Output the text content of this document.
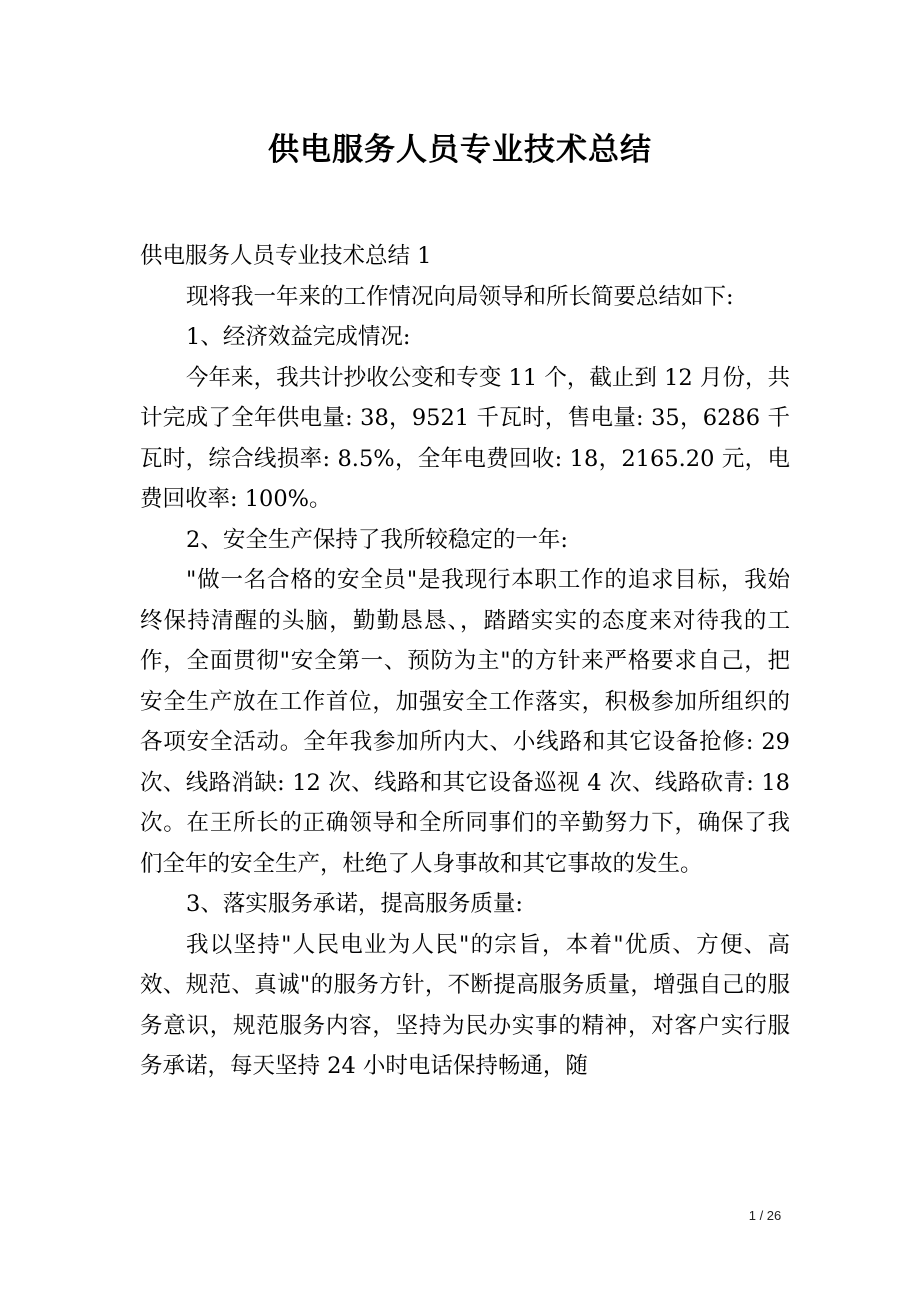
供电服务人员专业技术总结

供电服务人员专业技术总结 1

现将我一年来的工作情况向局领导和所长简要总结如下:

1、经济效益完成情况:

今年来，我共计抄收公变和专变 11 个，截止到 12 月份，共计完成了全年供电量: 38，9521 千瓦时，售电量: 35，6286 千瓦时，综合线损率: 8.5%，全年电费回收: 18，2165.20 元，电费回收率: 100%。

2、安全生产保持了我所较稳定的一年:

"做一名合格的安全员"是我现行本职工作的追求目标，我始终保持清醒的头脑，勤勤恳恳、，踏踏实实的态度来对待我的工作，全面贯彻"安全第一、预防为主"的方针来严格要求自己，把安全生产放在工作首位，加强安全工作落实，积极参加所组织的各项安全活动。全年我参加所内大、小线路和其它设备抢修: 29 次、线路消缺: 12 次、线路和其它设备巡视 4 次、线路砍青: 18 次。在王所长的正确领导和全所同事们的辛勤努力下，确保了我们全年的安全生产，杜绝了人身事故和其它事故的发生。

3、落实服务承诺，提高服务质量:

我以坚持"人民电业为人民"的宗旨，本着"优质、方便、高效、规范、真诚"的服务方针，不断提高服务质量，增强自己的服务意识，规范服务内容，坚持为民办实事的精神，对客户实行服务承诺，每天坚持 24 小时电话保持畅通，随

1 / 26
